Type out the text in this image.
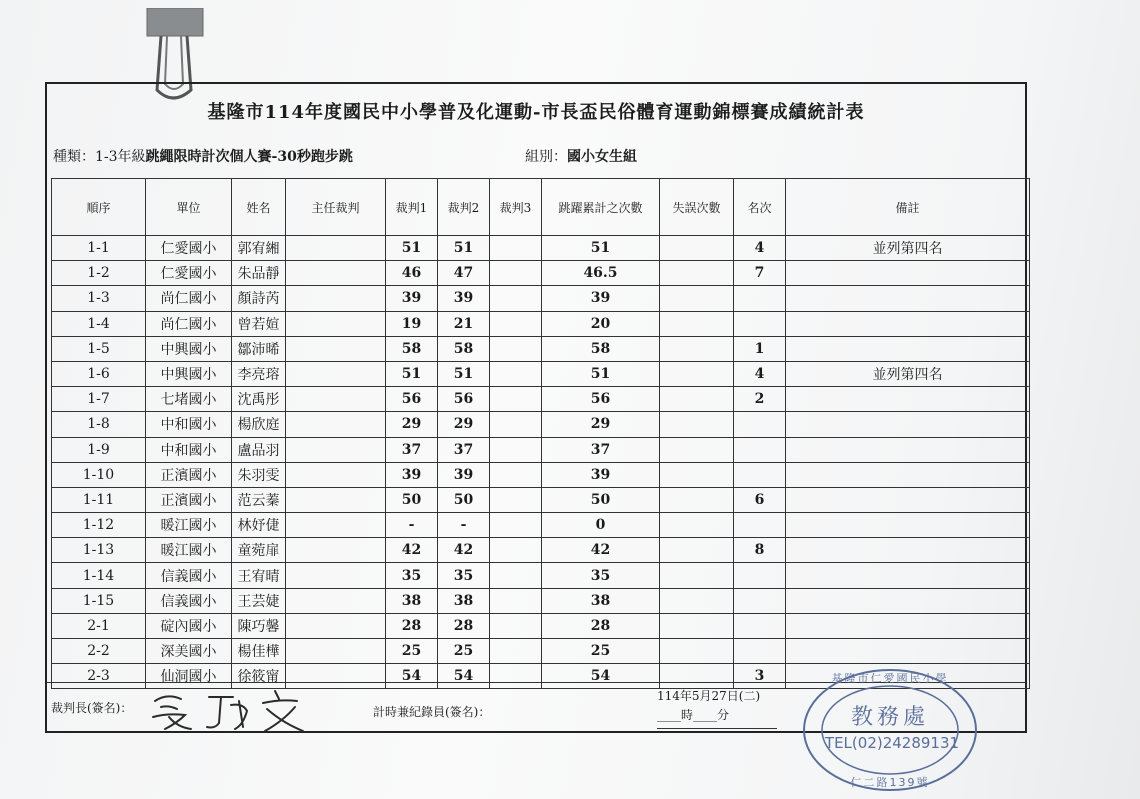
基隆市114年度國民中小學普及化運動-市長盃民俗體育運動錦標賽成績統計表
種類：1-3年級跳繩限時計次個人賽-30秒跑步跳	組別：國小女生組
順序	單位	姓名	主任裁判	裁判1	裁判2	裁判3	跳躍累計之次數	失誤次數	名次	備註
1-1	仁愛國小	郭宥緗		51	51		51		4	並列第四名
1-2	仁愛國小	朱品靜		46	47		46.5		7	
1-3	尚仁國小	顏詩芮		39	39		39			
1-4	尚仁國小	曾若媗		19	21		20			
1-5	中興國小	鄒沛晞		58	58		58		1	
1-6	中興國小	李亮瑢		51	51		51		4	並列第四名
1-7	七堵國小	沈禹彤		56	56		56		2	
1-8	中和國小	楊欣庭		29	29		29			
1-9	中和國小	盧品羽		37	37		37			
1-10	正濱國小	朱羽雯		39	39		39			
1-11	正濱國小	范云蓁		50	50		50		6	
1-12	暖江國小	林妤倢		-	-		0			
1-13	暖江國小	童菀扉		42	42		42		8	
1-14	信義國小	王宥晴		35	35		35			
1-15	信義國小	王芸婕		38	38		38			
2-1	碇內國小	陳巧馨		28	28		28			
2-2	深美國小	楊佳樺		25	25		25			
2-3	仙洞國小	徐筱甯		54	54		54		3	
裁判長(簽名)：	計時兼紀錄員(簽名)：
114年5月27日(二)
____時____分	教務處
TEL(02)24289131
基隆市仁愛國民小學
仁二路139號
